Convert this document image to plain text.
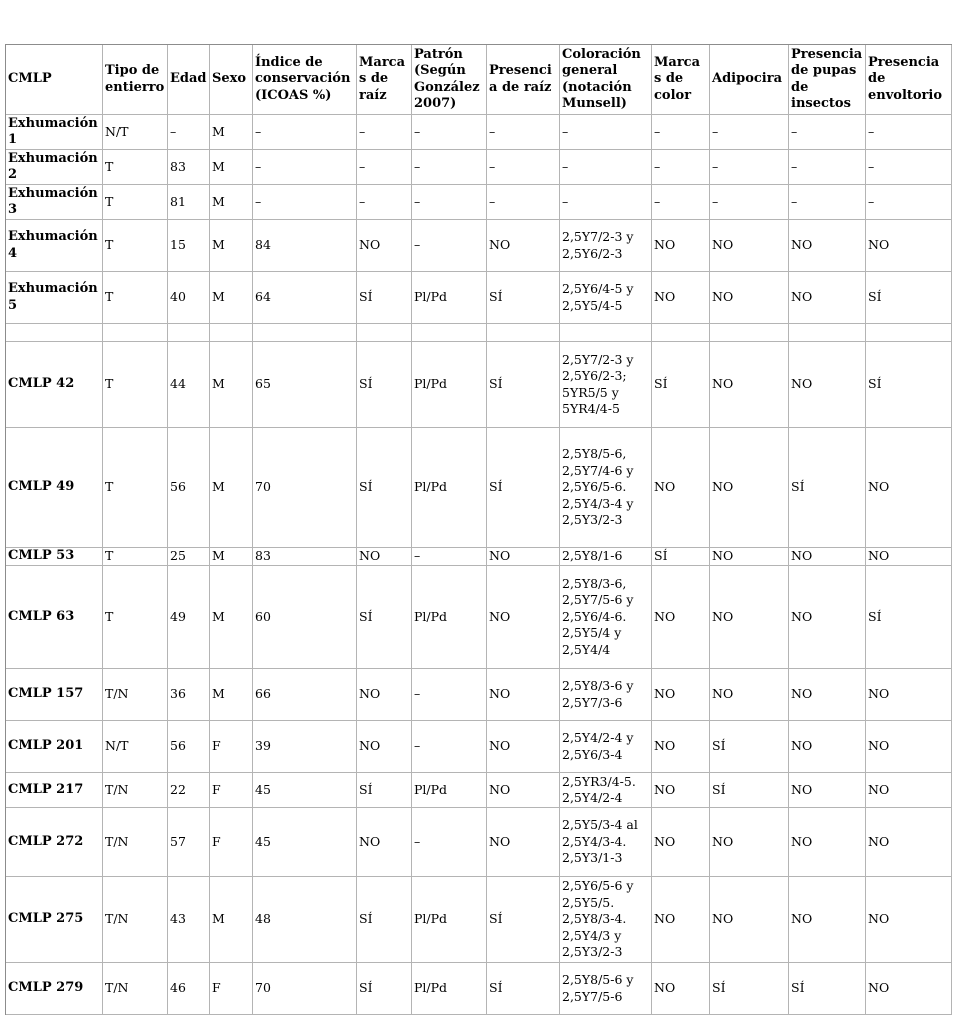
CMLP	Tipo de entierro	Edad	Sexo	Índice de conservación (ICOAS %)	Marcas de raíz	Patrón (Según González 2007)	Presencia de raíz	Coloración general (notación Munsell)	Marcas de color	Adipocira	Presencia de pupas de insectos	Presencia de envoltorio
Exhumación 1	N/T	–	M	–	–	–	–	–	–	–	–	–
Exhumación 2	T	83	M	–	–	–	–	–	–	–	–	–
Exhumación 3	T	81	M	–	–	–	–	–	–	–	–	–
Exhumación 4	T	15	M	84	NO	–	NO	2,5Y7/2-3 y 2,5Y6/2-3	NO	NO	NO	NO
Exhumación 5	T	40	M	64	SÍ	Pl/Pd	SÍ	2,5Y6/4-5 y 2,5Y5/4-5	NO	NO	NO	SÍ

CMLP 42	T	44	M	65	SÍ	Pl/Pd	SÍ	2,5Y7/2-3 y 2,5Y6/2-3; 5YR5/5 y 5YR4/4-5	SÍ	NO	NO	SÍ
CMLP 49	T	56	M	70	SÍ	Pl/Pd	SÍ	2,5Y8/5-6, 2,5Y7/4-6 y 2,5Y6/5-6. 2,5Y4/3-4 y 2,5Y3/2-3	NO	NO	SÍ	NO
CMLP 53	T	25	M	83	NO	–	NO	2,5Y8/1-6	SÍ	NO	NO	NO
CMLP 63	T	49	M	60	SÍ	Pl/Pd	NO	2,5Y8/3-6, 2,5Y7/5-6 y 2,5Y6/4-6. 2,5Y5/4 y 2,5Y4/4	NO	NO	NO	SÍ
CMLP 157	T/N	36	M	66	NO	–	NO	2,5Y8/3-6 y 2,5Y7/3-6	NO	NO	NO	NO
CMLP 201	N/T	56	F	39	NO	–	NO	2,5Y4/2-4 y 2,5Y6/3-4	NO	SÍ	NO	NO
CMLP 217	T/N	22	F	45	SÍ	Pl/Pd	NO	2,5YR3/4-5. 2,5Y4/2-4	NO	SÍ	NO	NO
CMLP 272	T/N	57	F	45	NO	–	NO	2,5Y5/3-4 al 2,5Y4/3-4. 2,5Y3/1-3	NO	NO	NO	NO
CMLP 275	T/N	43	M	48	SÍ	Pl/Pd	SÍ	2,5Y6/5-6 y 2,5Y5/5. 2,5Y8/3-4. 2,5Y4/3 y 2,5Y3/2-3	NO	NO	NO	NO
CMLP 279	T/N	46	F	70	SÍ	Pl/Pd	SÍ	2,5Y8/5-6 y 2,5Y7/5-6	NO	SÍ	SÍ	NO
